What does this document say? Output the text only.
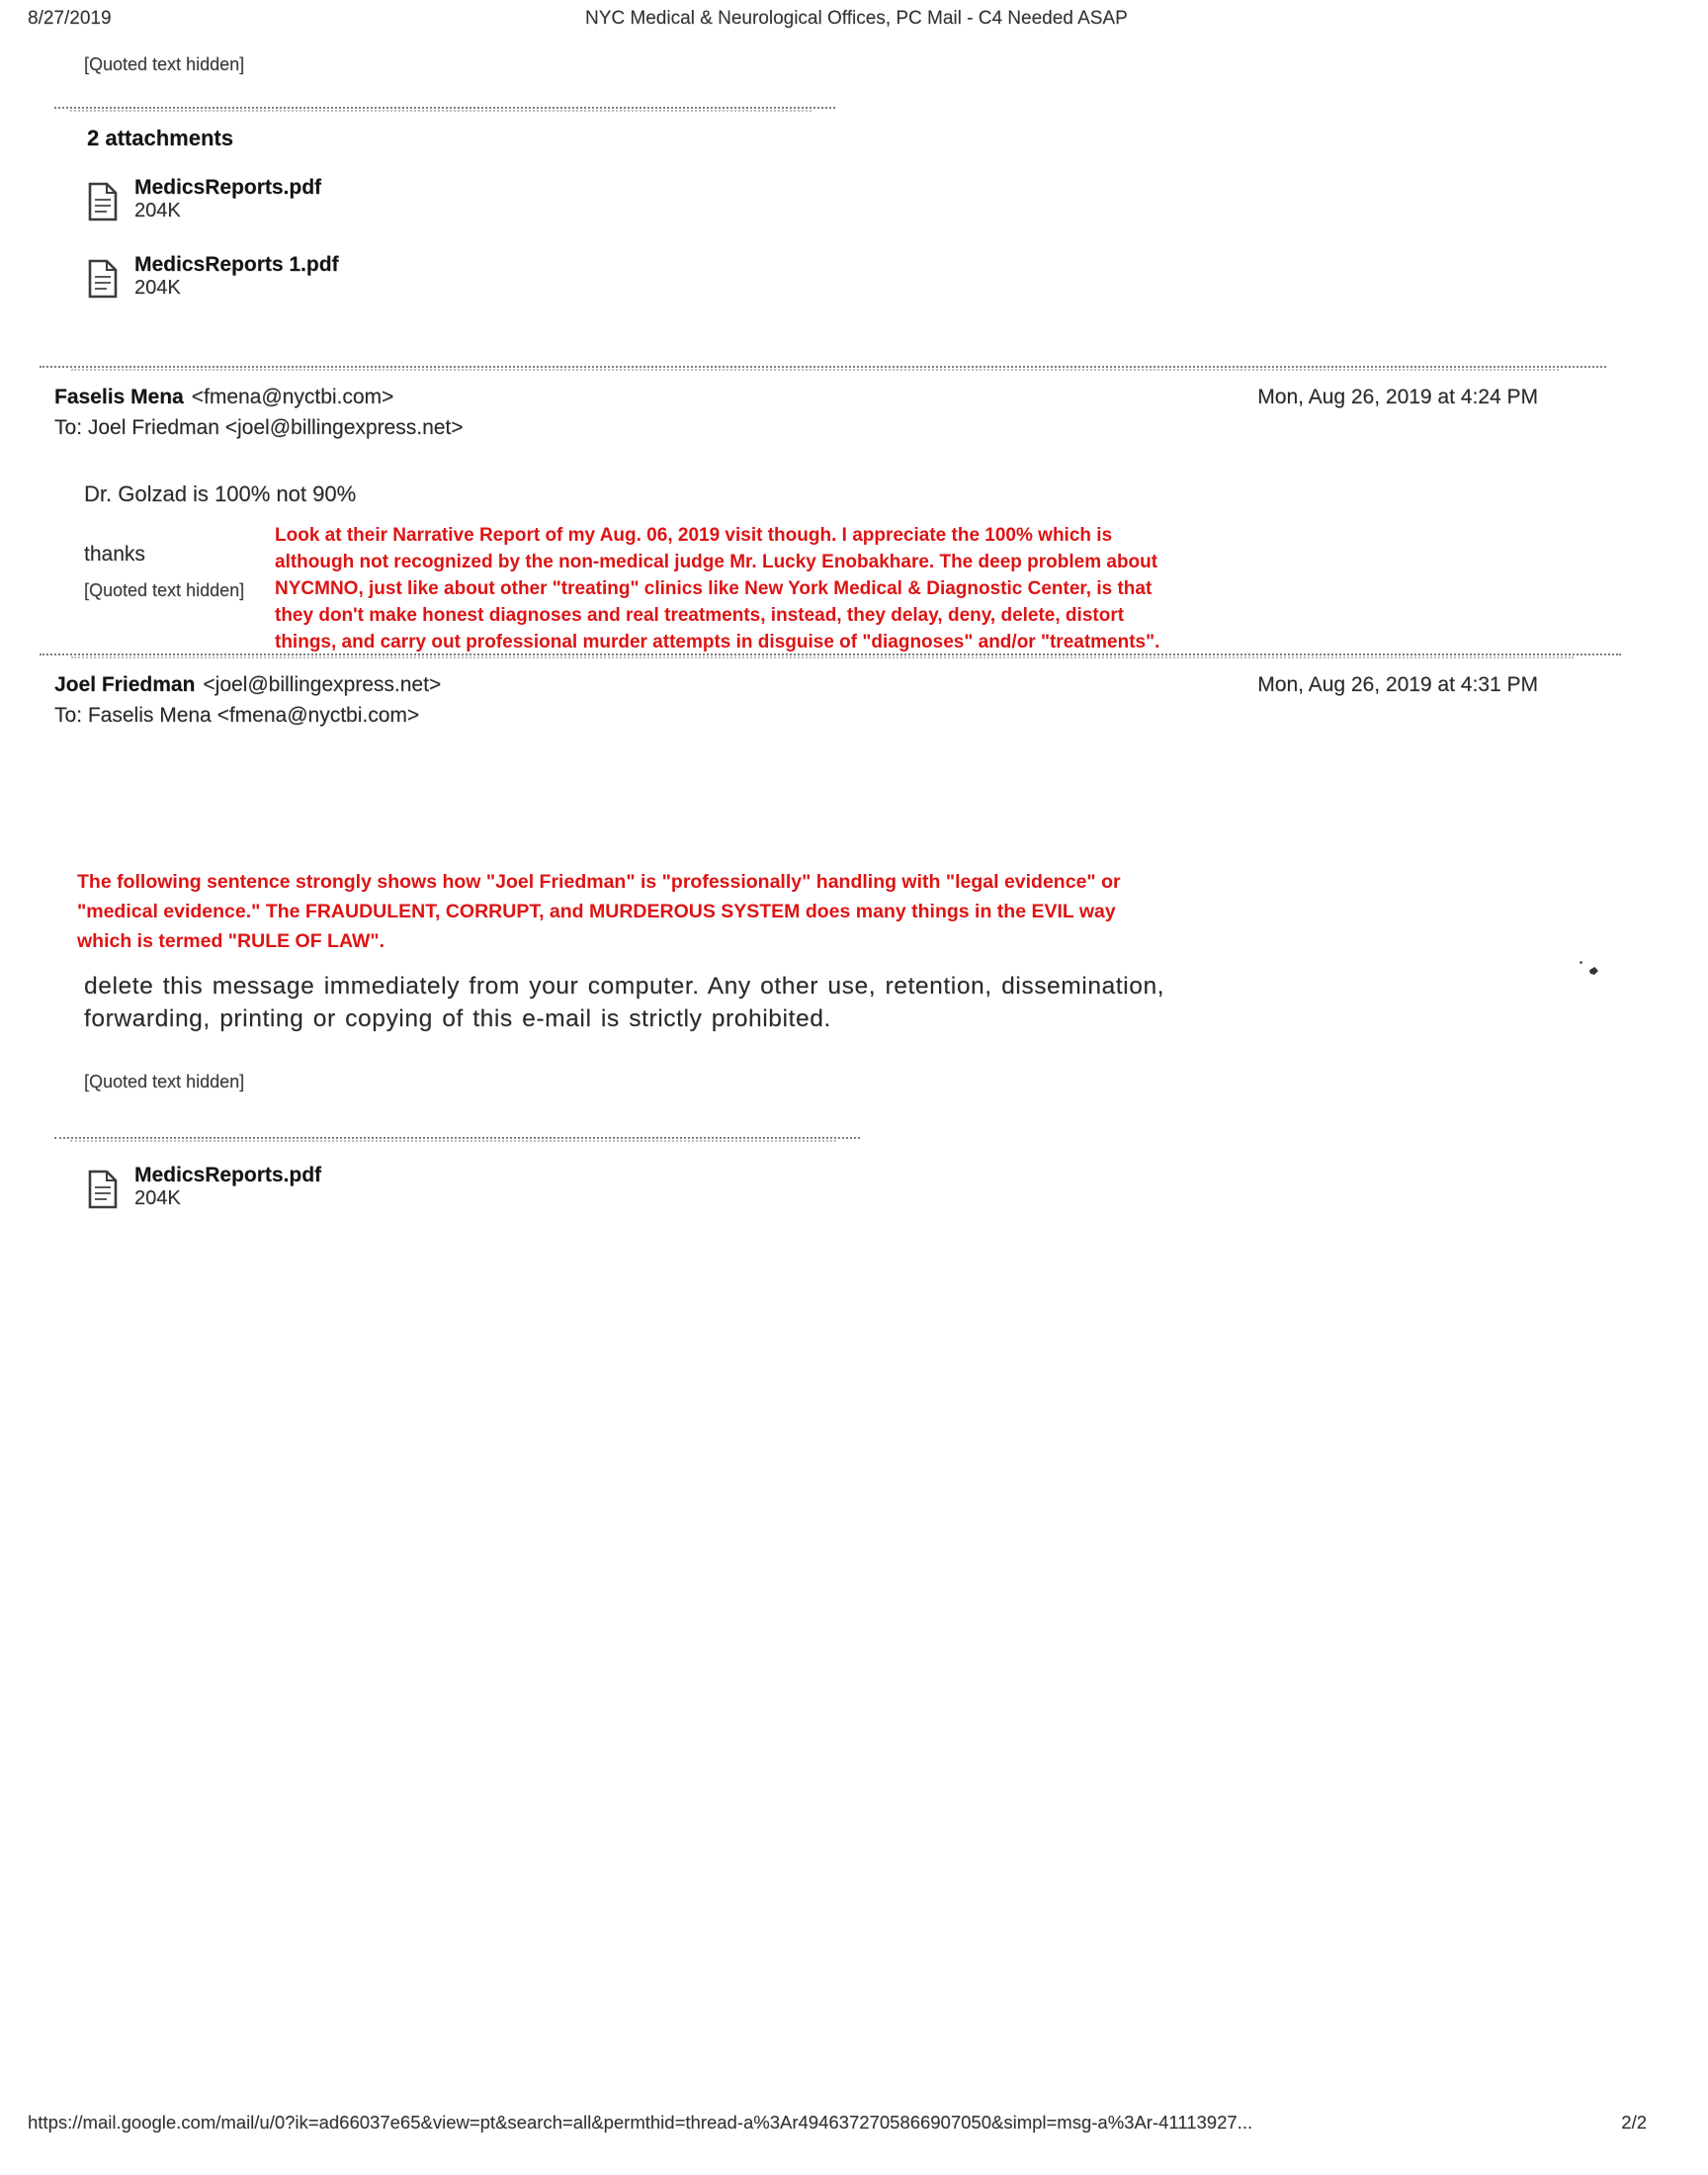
8/27/2019	NYC Medical & Neurological Offices, PC Mail - C4 Needed ASAP
[Quoted text hidden]
2 attachments
MedicsReports.pdf
204K
MedicsReports 1.pdf
204K
Faselis Mena <fmena@nyctbi.com>	Mon, Aug 26, 2019 at 4:24 PM
To: Joel Friedman <joel@billingexpress.net>
Dr. Golzad is 100% not 90%
Look at their Narrative Report of my Aug. 06, 2019 visit though. I appreciate the 100% which is
although not recognized by the non-medical judge Mr. Lucky Enobakhare. The deep problem about
NYCMNO, just like about other "treating" clinics like New York Medical & Diagnostic Center, is that
they don't make honest diagnoses and real treatments, instead, they delay, deny, delete, distort
things, and carry out professional murder attempts in disguise of "diagnoses" and/or "treatments".
thanks
[Quoted text hidden]
Joel Friedman <joel@billingexpress.net>	Mon, Aug 26, 2019 at 4:31 PM
To: Faselis Mena <fmena@nyctbi.com>
The following sentence strongly shows how "Joel Friedman" is "professionally" handling with "legal evidence" or
"medical evidence." The FRAUDULENT, CORRUPT, and MURDEROUS SYSTEM does many things in the EVIL way
which is termed "RULE OF LAW".
delete this message immediately from your computer. Any other use, retention, dissemination,
forwarding, printing or copying of this e-mail is strictly prohibited.
[Quoted text hidden]
MedicsReports.pdf
204K
https://mail.google.com/mail/u/0?ik=ad66037e65&view=pt&search=all&permthid=thread-a%3Ar4946372705866907050&simpl=msg-a%3Ar-41113927...	2/2
